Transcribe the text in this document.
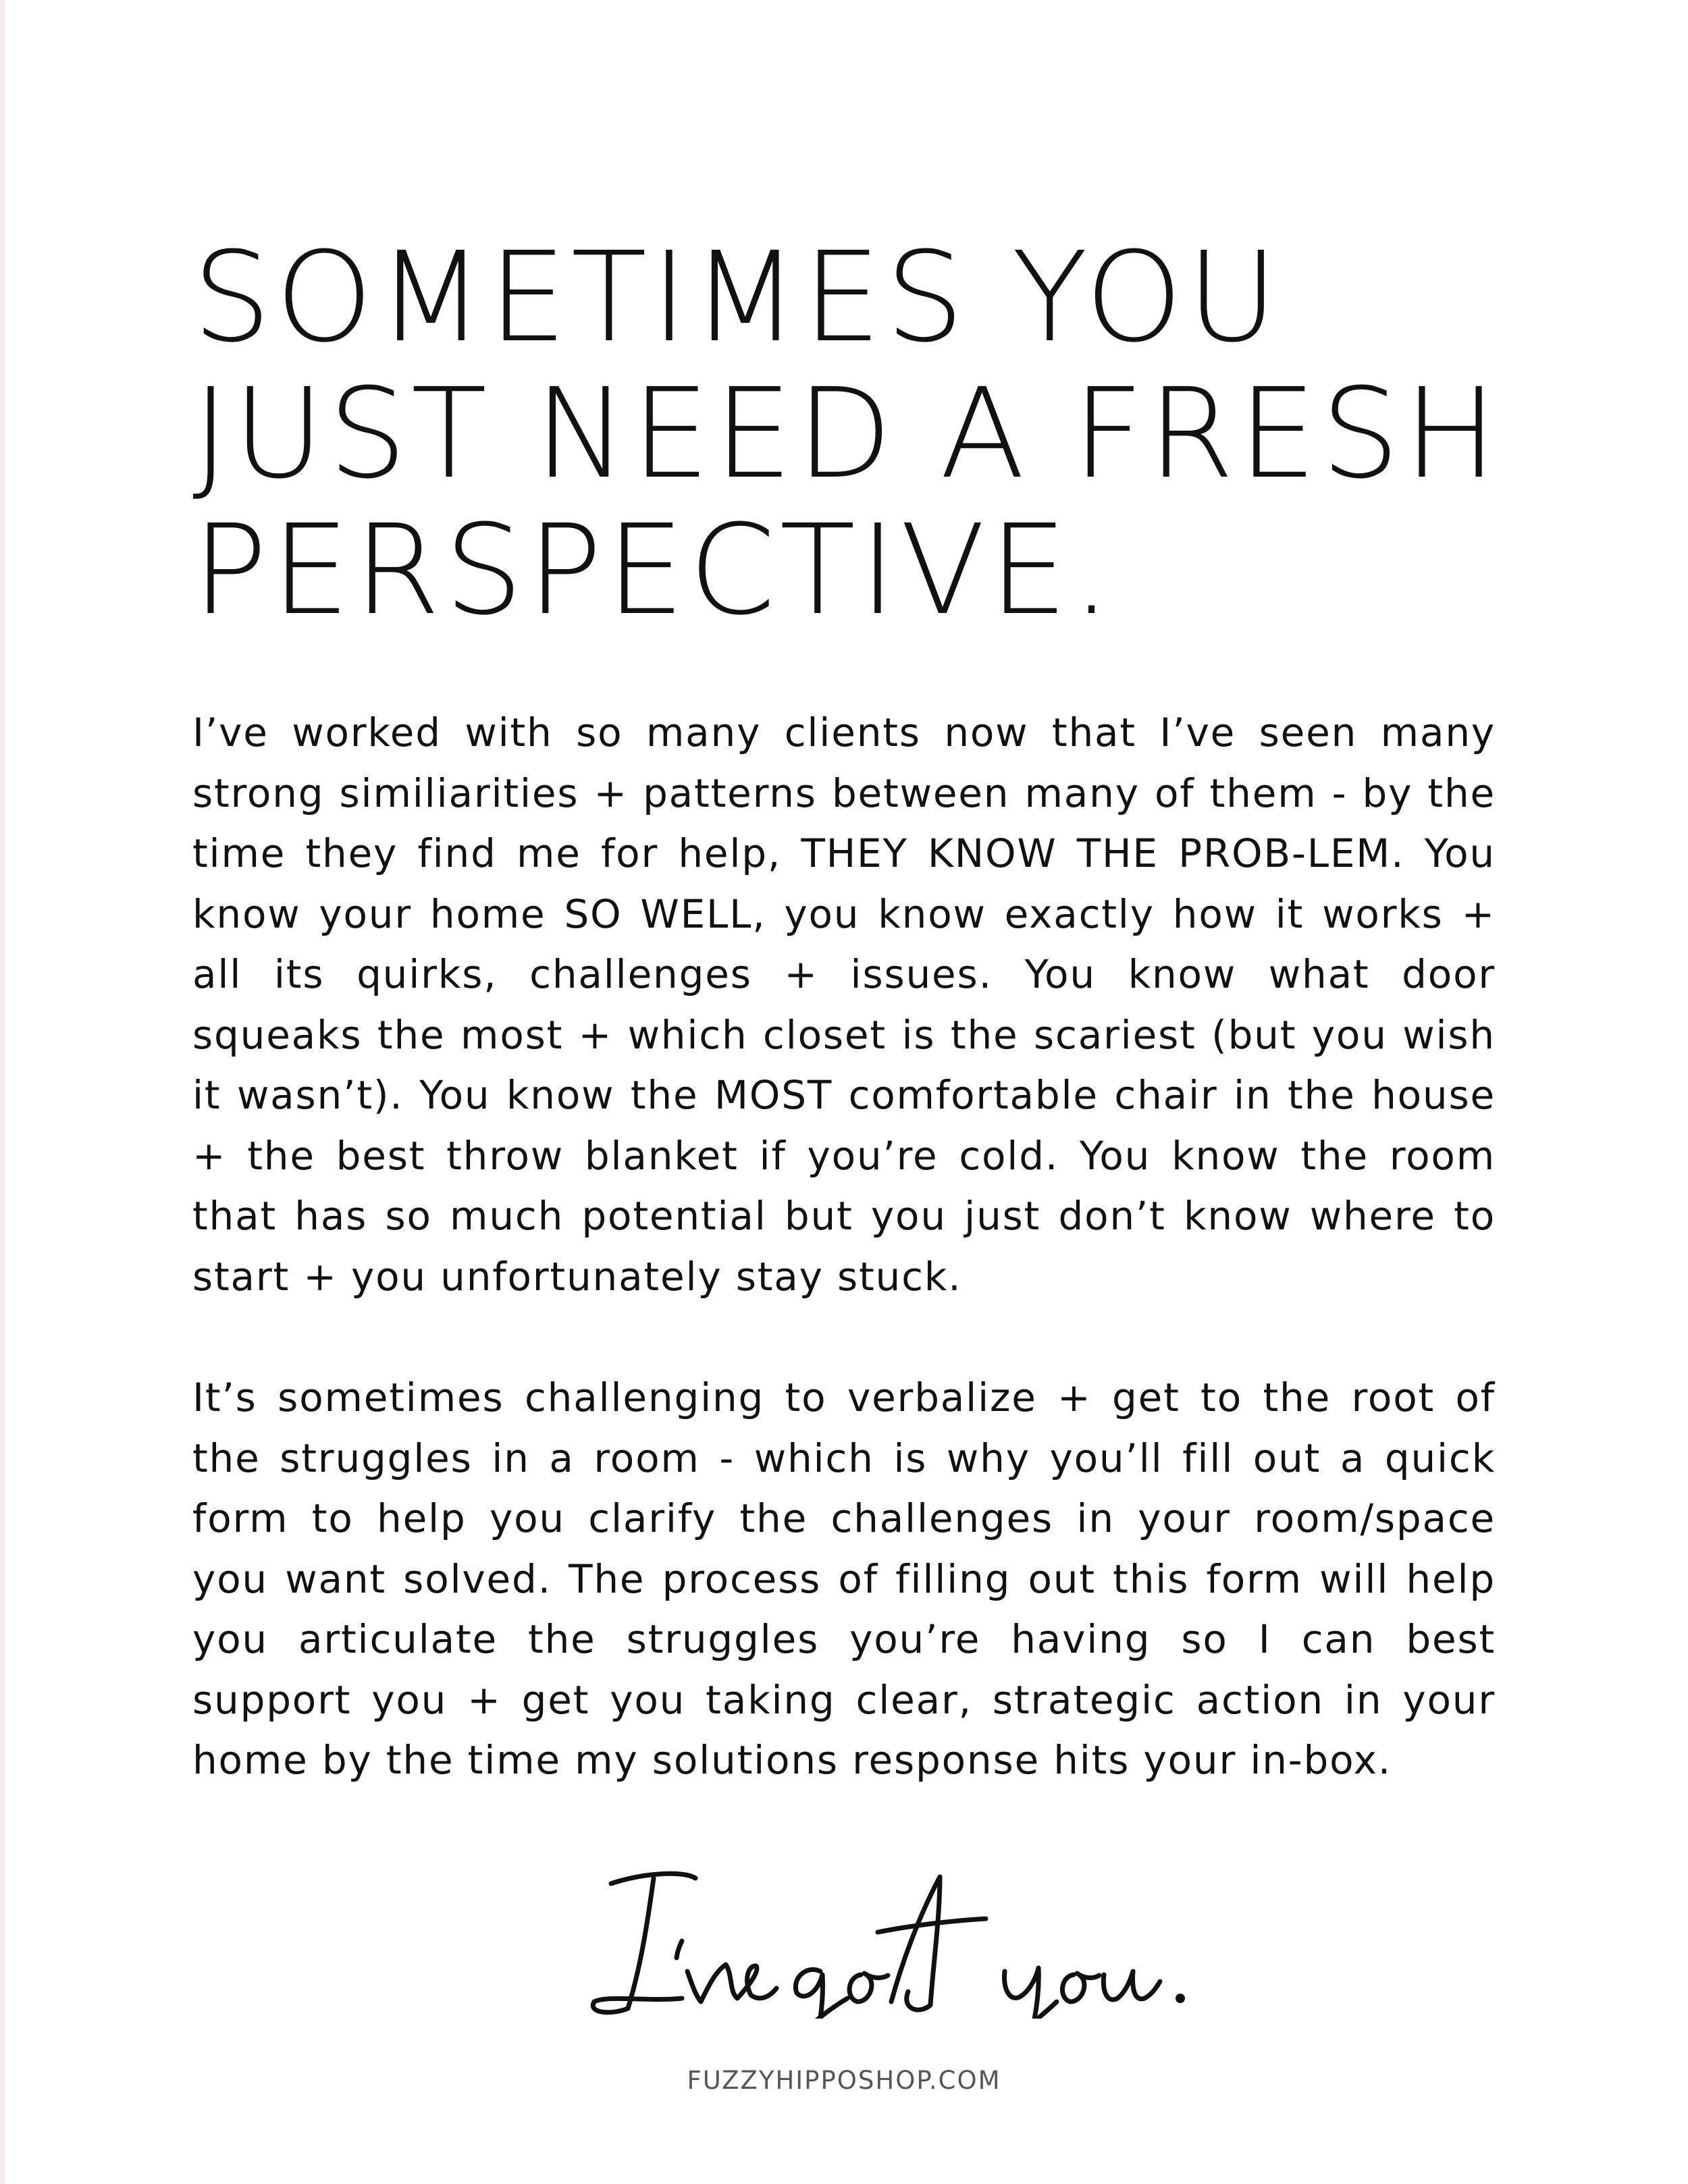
SOMETIMES YOU
JUST NEED A FRESH
PERSPECTIVE.

I’ve worked with so many clients now that I’ve seen many strong similiarities + patterns between many of them - by the time they find me for help, THEY KNOW THE PROB-LEM. You know your home SO WELL, you know exactly how it works + all its quirks, challenges + issues. You know what door squeaks the most + which closet is the scariest (but you wish it wasn’t). You know the MOST comfortable chair in the house + the best throw blanket if you’re cold. You know the room that has so much potential but you just don’t know where to start + you unfortunately stay stuck.

It’s sometimes challenging to verbalize + get to the root of the struggles in a room - which is why you’ll fill out a quick form to help you clarify the challenges in your room/space you want solved. The process of filling out this form will help you articulate the struggles you’re having so I can best support you + get you taking clear, strategic action in your home by the time my solutions response hits your in-box.

FUZZYHIPPOSHOP.COM
